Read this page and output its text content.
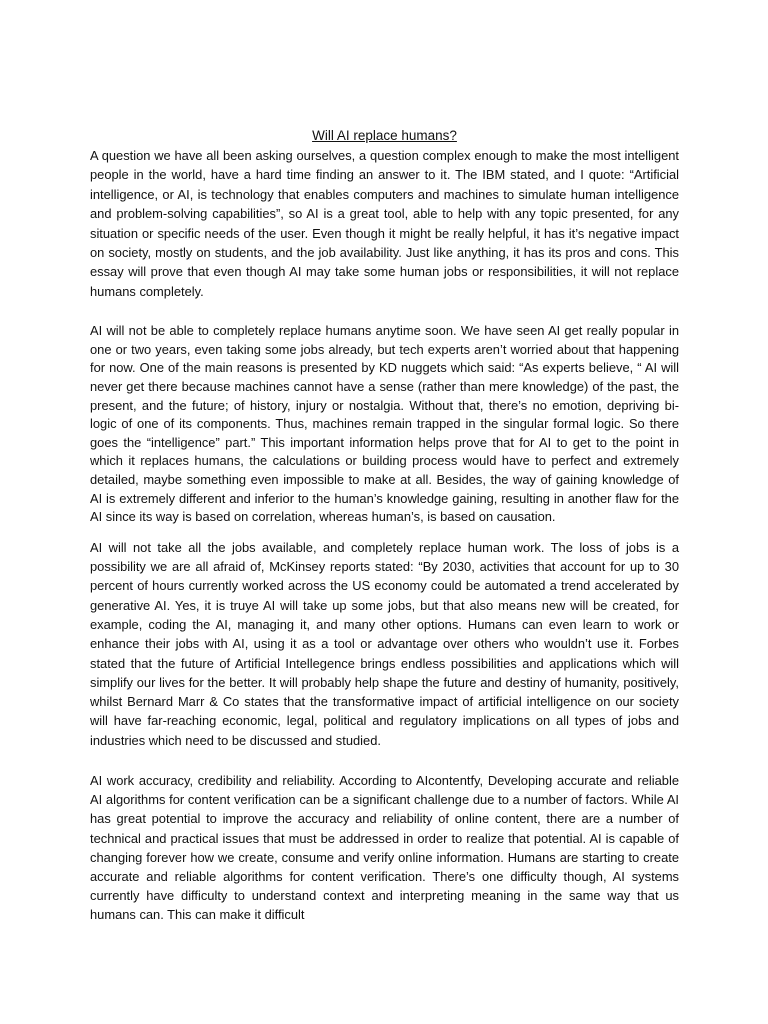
Will AI replace humans?

A question we have all been asking ourselves, a question complex enough to make the most intelligent people in the world, have a hard time finding an answer to it. The IBM stated, and I quote: “Artificial intelligence, or AI, is technology that enables computers and machines to simulate human intelligence and problem-solving capabilities”, so AI is a great tool, able to help with any topic presented, for any situation or specific needs of the user. Even though it might be really helpful, it has it’s negative impact on society, mostly on students, and the job availability. Just like anything, it has its pros and cons. This essay will prove that even though AI may take some human jobs or responsibilities, it will not replace humans completely.

AI will not be able to completely replace humans anytime soon. We have seen AI get really popular in one or two years, even taking some jobs already, but tech experts aren’t worried about that happening for now. One of the main reasons is presented by KD nuggets which said: “As experts believe, “ AI will never get there because machines cannot have a sense (rather than mere knowledge) of the past, the present, and the future; of history, injury or nostalgia. Without that, there’s no emotion, depriving bi-logic of one of its components. Thus, machines remain trapped in the singular formal logic. So there goes the “intelligence” part.” This important information helps prove that for AI to get to the point in which it replaces humans, the calculations or building process would have to perfect and extremely detailed, maybe something even impossible to make at all. Besides, the way of gaining knowledge of AI is extremely different and inferior to the human’s knowledge gaining, resulting in another flaw for the AI since its way is based on correlation, whereas human’s, is based on causation.

AI will not take all the jobs available, and completely replace human work. The loss of jobs is a possibility we are all afraid of, McKinsey reports stated: “By 2030, activities that account for up to 30 percent of hours currently worked across the US economy could be automated a trend accelerated by generative AI. Yes, it is truye AI will take up some jobs, but that also means new will be created, for example, coding the AI, managing it, and many other options. Humans can even learn to work or enhance their jobs with AI, using it as a tool or advantage over others who wouldn’t use it. Forbes stated that the future of Artificial Intellegence brings endless possibilities and applications which will simplify our lives for the better. It will probably help shape the future and destiny of humanity, positively, whilst Bernard Marr & Co states that the transformative impact of artificial intelligence on our society will have far-reaching economic, legal, political and regulatory implications on all types of jobs and industries which need to be discussed and studied.

AI work accuracy, credibility and reliability. According to AIcontentfy, Developing accurate and reliable AI algorithms for content verification can be a significant challenge due to a number of factors. While AI has great potential to improve the accuracy and reliability of online content, there are a number of technical and practical issues that must be addressed in order to realize that potential. AI is capable of changing forever how we create, consume and verify online information. Humans are starting to create accurate and reliable algorithms for content verification. There’s one difficulty though, AI systems currently have difficulty to understand context and interpreting meaning in the same way that us humans can. This can make it difficult
